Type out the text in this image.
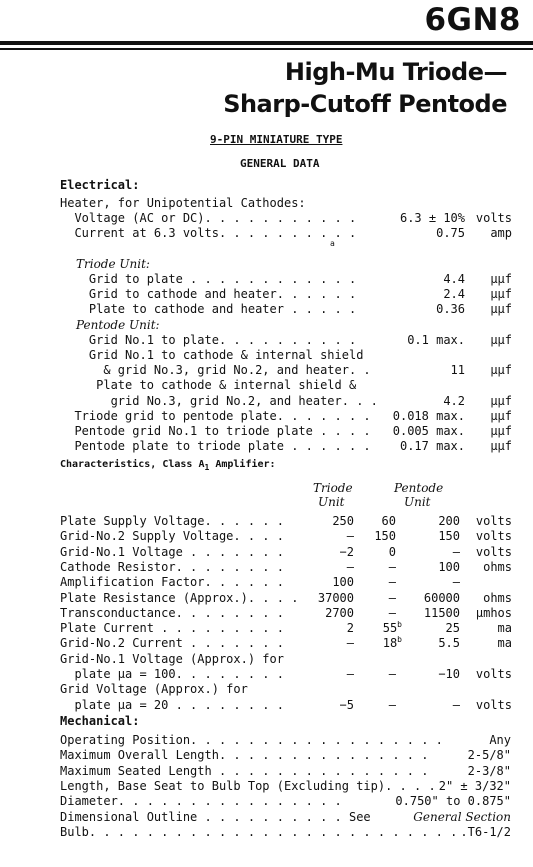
6GN8
High-Mu Triode—
Sharp-Cutoff Pentode
9-PIN MINIATURE TYPE
GENERAL DATA
Electrical:
Heater, for Unipotential Cathodes:
Voltage (AC or DC). . . . . . . . . . .	6.3 ± 10% volts
Current at 6.3 volts. . . . . . . . . .	0.75	amp
a
Triode Unit:
Grid to plate . . . . . . . . . . . .	4.4	µµf
Grid to cathode and heater. . . . . .	2.4	µµf
Plate to cathode and heater . . . . .	0.36	µµf
Pentode Unit:
Grid No.1 to plate. . . . . . . . . .	0.1 max.	µµf
Grid No.1 to cathode & internal shield
& grid No.3, grid No.2, and heater. .	11	µµf
Plate to cathode & internal shield &
grid No.3, grid No.2, and heater. . .	4.2	µµf
Triode grid to pentode plate. . . . . . .	0.018 max.	µµf
Pentode grid No.1 to triode plate . . . .	0.005 max.	µµf
Pentode plate to triode plate . . . . . .	0.17 max.	µµf
Characteristics, Class $A_1$ Amplifier:
Triode
Unit
Pentode
Unit
Plate Supply Voltage. . . . . .	250	60	200	volts
Grid-No.2 Supply Voltage. . . .	–	150	150	volts
Grid-No.1 Voltage . . . . . . .	−2	0	–	volts
Cathode Resistor. . . . . . . .	–	–	100	ohms
Amplification Factor. . . . . .	100	–	–
Plate Resistance (Approx.). . . .	37000	–	60000	ohms
Transconductance. . . . . . . .	2700	–	11500	µmhos
Plate Current . . . . . . . . .	2	55$^b$	25	ma
Grid-No.2 Current . . . . . . .	–	18$^b$	5.5	ma
Grid-No.1 Voltage (Approx.) for
plate µa = 100. . . . . . . .	–	–	−10	volts
Grid Voltage (Approx.) for
plate µa = 20 . . . . . . . .	−5	–	–	volts
Mechanical:
Operating Position. . . . . . . . . . . . . . . . . .	Any
Maximum Overall Length. . . . . . . . . . . . . . .	2-5/8"
Maximum Seated Length . . . . . . . . . . . . . . .	2-3/8"
Length, Base Seat to Bulb Top (Excluding tip). . . . 2" ± 3/32"
Diameter. . . . . . . . . . . . . . . .	0.750" to 0.875"
Dimensional Outline . . . . . . . . . . See	General Section
Bulb. . . . . . . . . . . . . . . . . . . . . . . . . . .T6-1/2
